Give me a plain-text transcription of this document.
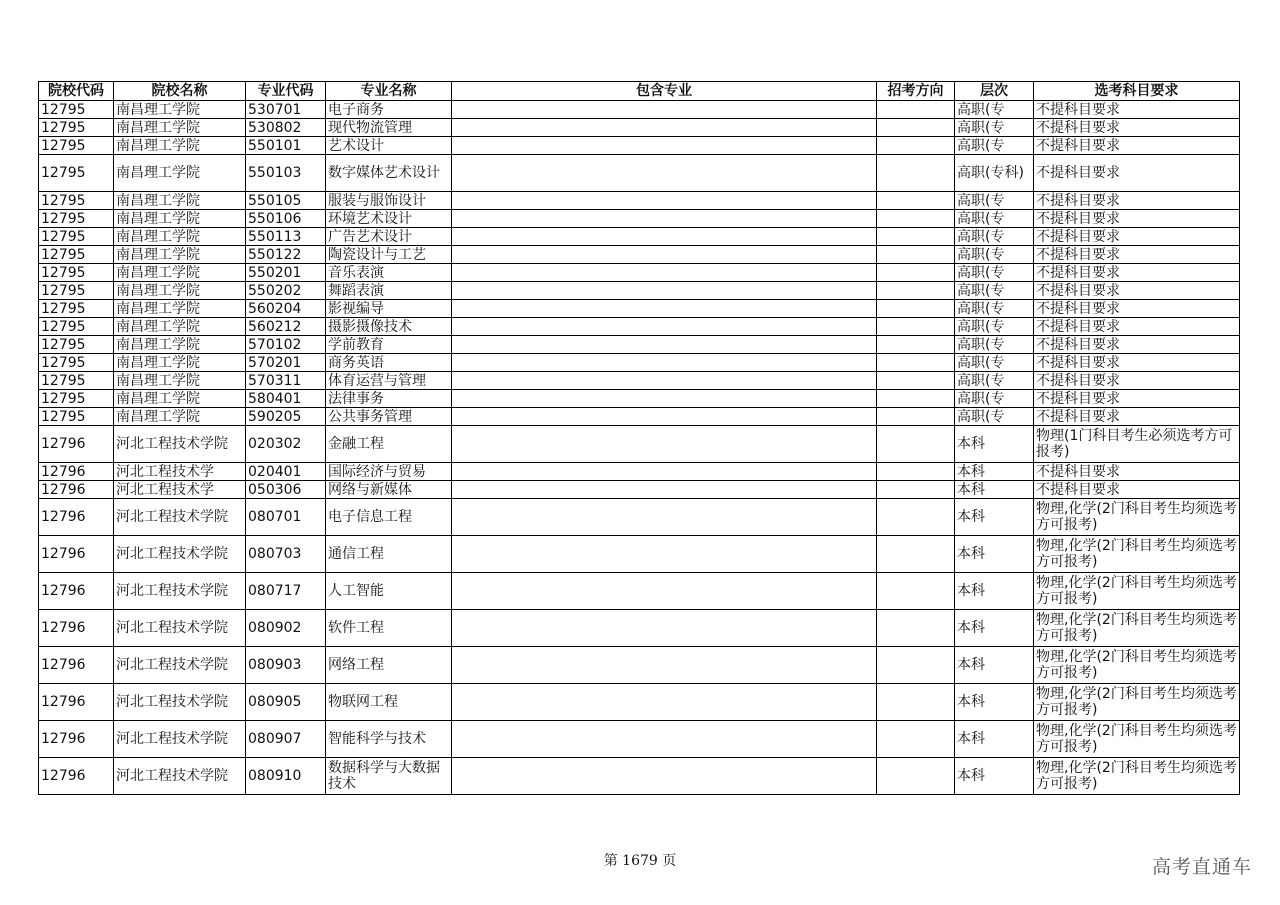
院校代码	院校名称	专业代码	专业名称	包含专业	招考方向	层次	选考科目要求
12795	南昌理工学院	530701	电子商务			高职(专	不提科目要求
12795	南昌理工学院	530802	现代物流管理			高职(专	不提科目要求
12795	南昌理工学院	550101	艺术设计			高职(专	不提科目要求
12795	南昌理工学院	550103	数字媒体艺术设计			高职(专科)	不提科目要求
12795	南昌理工学院	550105	服装与服饰设计			高职(专	不提科目要求
12795	南昌理工学院	550106	环境艺术设计			高职(专	不提科目要求
12795	南昌理工学院	550113	广告艺术设计			高职(专	不提科目要求
12795	南昌理工学院	550122	陶瓷设计与工艺			高职(专	不提科目要求
12795	南昌理工学院	550201	音乐表演			高职(专	不提科目要求
12795	南昌理工学院	550202	舞蹈表演			高职(专	不提科目要求
12795	南昌理工学院	560204	影视编导			高职(专	不提科目要求
12795	南昌理工学院	560212	摄影摄像技术			高职(专	不提科目要求
12795	南昌理工学院	570102	学前教育			高职(专	不提科目要求
12795	南昌理工学院	570201	商务英语			高职(专	不提科目要求
12795	南昌理工学院	570311	体育运营与管理			高职(专	不提科目要求
12795	南昌理工学院	580401	法律事务			高职(专	不提科目要求
12795	南昌理工学院	590205	公共事务管理			高职(专	不提科目要求
12796	河北工程技术学院	020302	金融工程			本科	物理(1门科目考生必须选考方可报考)
12796	河北工程技术学	020401	国际经济与贸易			本科	不提科目要求
12796	河北工程技术学	050306	网络与新媒体			本科	不提科目要求
12796	河北工程技术学院	080701	电子信息工程			本科	物理,化学(2门科目考生均须选考方可报考)
12796	河北工程技术学院	080703	通信工程			本科	物理,化学(2门科目考生均须选考方可报考)
12796	河北工程技术学院	080717	人工智能			本科	物理,化学(2门科目考生均须选考方可报考)
12796	河北工程技术学院	080902	软件工程			本科	物理,化学(2门科目考生均须选考方可报考)
12796	河北工程技术学院	080903	网络工程			本科	物理,化学(2门科目考生均须选考方可报考)
12796	河北工程技术学院	080905	物联网工程			本科	物理,化学(2门科目考生均须选考方可报考)
12796	河北工程技术学院	080907	智能科学与技术			本科	物理,化学(2门科目考生均须选考方可报考)
12796	河北工程技术学院	080910	数据科学与大数据技术			本科	物理,化学(2门科目考生均须选考方可报考)
第 1679 页	高考直通车
